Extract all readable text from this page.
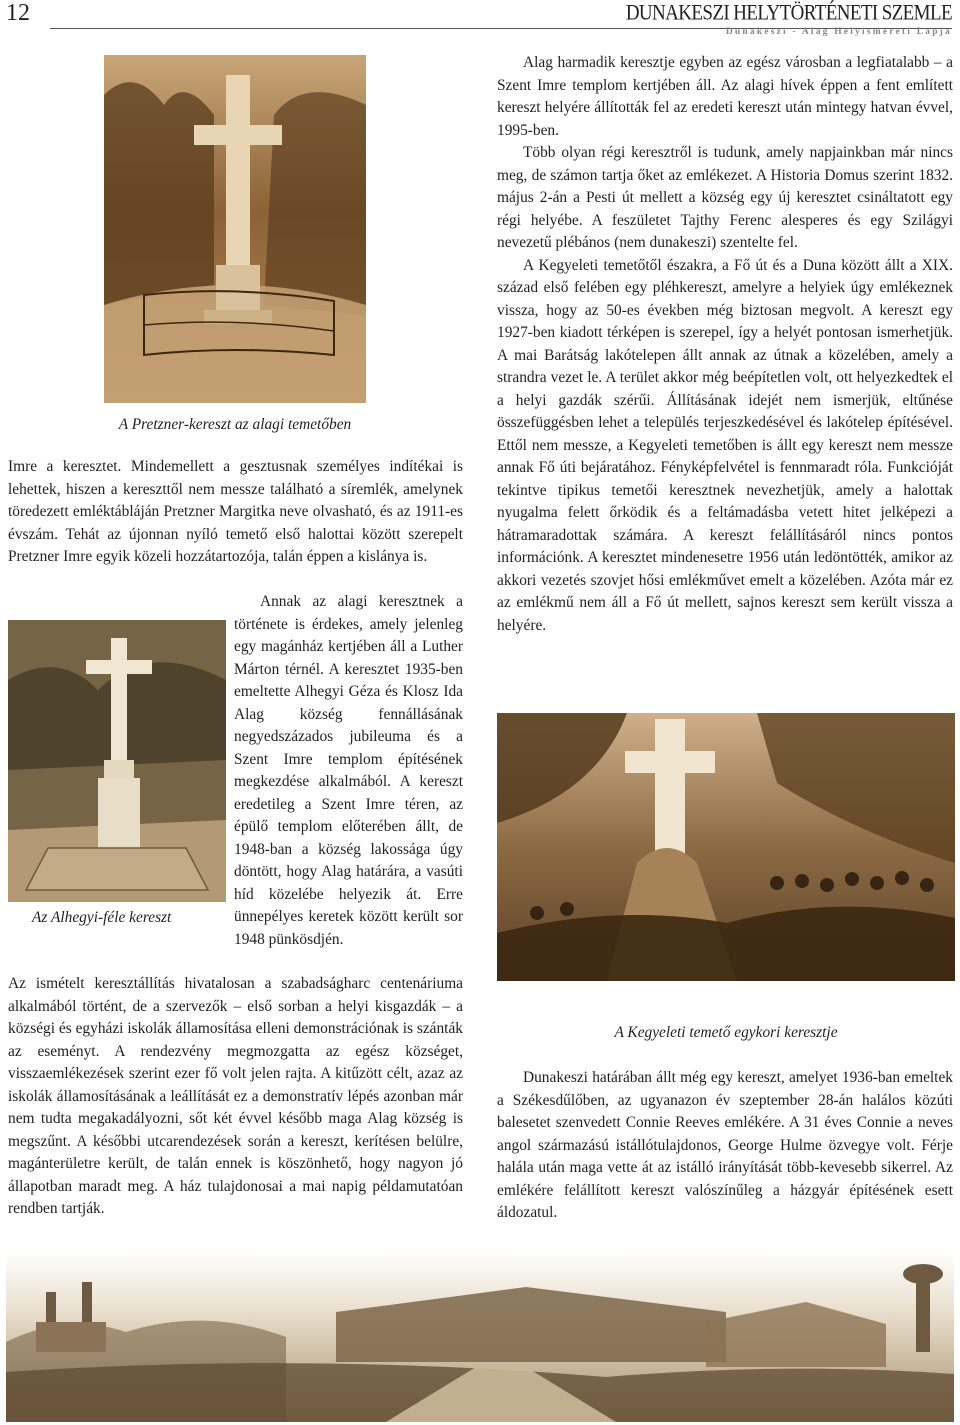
12	DUNAKESZI HELYTÖRTÉNETI SZEMLE
Dunakeszi - Alag Helyismereti Lapja
A Pretzner-kereszt az alagi temetőben

Imre a keresztet. Mindemellett a gesztusnak személyes indítékai is lehettek, hiszen a kereszttől nem messze található a síremlék, amelynek töredezett emléktábláján Pretzner Margitka neve olvasható, és az 1911-es évszám. Tehát az újonnan nyíló temető első halottai között szerepelt Pretzner Imre egyik közeli hozzátartozója, talán éppen a kislánya is.

Annak az alagi keresztnek a története is érdekes, amely jelenleg egy magánház kertjében áll a Luther Márton térnél. A keresztet 1935-ben emeltette Alhegyi Géza és Klosz Ida Alag község fennállásának negyedszázados jubileuma és a Szent Imre templom építésének megkezdése alkalmából. A kereszt eredetileg a Szent Imre téren, az épülő templom előterében állt, de 1948-ban a község lakossága úgy döntött, hogy Alag határára, a vasúti híd közelébe helyezik át. Erre ünnepélyes keretek között került sor 1948 pünkösdjén.

Az Alhegyi-féle kereszt

Az ismételt keresztállítás hivatalosan a szabadságharc centenáriuma alkalmából történt, de a szervezők – első sorban a helyi kisgazdák – a községi és egyházi iskolák államosítása elleni demonstrációnak is szánták az eseményt. A rendezvény megmozgatta az egész községet, visszaemlékezések szerint ezer fő volt jelen rajta. A kitűzött célt, azaz az iskolák államosításának a leállítását ez a demonstratív lépés azonban már nem tudta megakadályozni, sőt két évvel később maga Alag község is megszűnt. A későbbi utcarendezések során a kereszt, kerítésen belülre, magánterületre került, de talán ennek is köszönhető, hogy nagyon jó állapotban maradt meg. A ház tulajdonosai a mai napig példamutatóan rendben tartják.

Alag harmadik keresztje egyben az egész városban a legfiatalabb – a Szent Imre templom kertjében áll. Az alagi hívek éppen a fent említett kereszt helyére állították fel az eredeti kereszt után mintegy hatvan évvel, 1995-ben.

Több olyan régi keresztről is tudunk, amely napjainkban már nincs meg, de számon tartja őket az emlékezet. A Historia Domus szerint 1832. május 2-án a Pesti út mellett a község egy új keresztet csináltatott egy régi helyébe. A feszületet Tajthy Ferenc alesperes és egy Szilágyi nevezetű plébános (nem dunakeszi) szentelte fel.

A Kegyeleti temetőtől északra, a Fő út és a Duna között állt a XIX. század első felében egy pléhkereszt, amelyre a helyiek úgy emlékeznek vissza, hogy az 50-es években még biztosan megvolt. A kereszt egy 1927-ben kiadott térképen is szerepel, így a helyét pontosan ismerhetjük. A mai Barátság lakótelepen állt annak az útnak a közelében, amely a strandra vezet le. A terület akkor még beépítetlen volt, ott helyezkedtek el a helyi gazdák szérűi. Állításának idejét nem ismerjük, eltűnése összefüggésben lehet a település terjeszkedésével és lakótelep építésével. Ettől nem messze, a Kegyeleti temetőben is állt egy kereszt nem messze annak Fő úti bejáratához. Fényképfelvétel is fennmaradt róla. Funkcióját tekintve tipikus temetői keresztnek nevezhetjük, amely a halottak nyugalma felett őrködik és a feltámadásba vetett hitet jelképezi a hátramaradottak számára. A kereszt felállításáról nincs pontos információnk. A keresztet mindenesetre 1956 után ledöntötték, amikor az akkori vezetés szovjet hősi emlékművet emelt a közelében. Azóta már ez az emlékmű nem áll a Fő út mellett, sajnos kereszt sem került vissza a helyére.

A Kegyeleti temető egykori keresztje

Dunakeszi határában állt még egy kereszt, amelyet 1936-ban emeltek a Székesdűlőben, az ugyanazon év szeptember 28-án halálos közúti balesetet szenvedett Connie Reeves emlékére. A 31 éves Connie a neves angol származású istállótulajdonos, George Hulme özvegye volt. Férje halála után maga vette át az istálló irányítását több-kevesebb sikerrel. Az emlékére felállított kereszt valószínűleg a házgyár építésének esett áldozatul.
